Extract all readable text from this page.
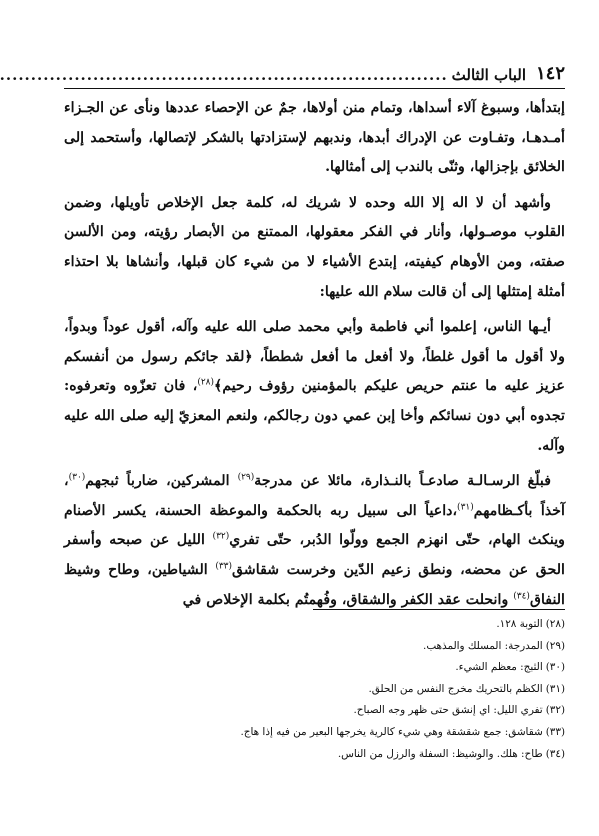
١٤٢
الباب الثالث
........................................................................

إبتدأها، وسبوغ آلاء أسداها، وتمام منن أولاها، جمٌ عن الإحصاء عددها ونأى عن الجـزاء أمـدهـا، وتفـاوت عن الإدراك أبدها، وندبهم لإستزادتها بالشكر لإتصالها، وأستحمد إلى الخلائق بإجزالها، وثنّى بالندب إلى أمثالها.

وأشهد أن لا اله إلا الله وحده لا شريك له، كلمة جعل الإخلاص تأويلها، وضمن القلوب موصـولها، وأنار في الفكر معقولها، الممتنع من الأبصار رؤيته، ومن الألسن صفته، ومن الأوهام كيفيته، إبتدع الأشياء لا من شيء كان قبلها، وأنشاها بلا احتذاء أمثلة إمتثلها إلى أن قالت سلام الله عليها:

أيـها الناس، إعلموا أني فاطمة وأبي محمد صلى الله عليه وآله، أقول عوداً وبدواً، ولا أقول ما أقول غلطاً، ولا أفعل ما أفعل شططاً، ﴿لقد جائكم رسول من أنفسكم عزيز عليه ما عنتم حريص عليكم بالمؤمنين رؤوف رحيم﴾$^{(٢٨)}$، فان تعزّوه وتعرفوه: تجدوه أبي دون نسائكم وأخا إبن عمي دون رجالكم، ولنعم المعزيّ إليه صلى الله عليه وآله.

فبلّغ الرسـالـة صادعـاً بالنـذارة، مائلا عن مدرجة$^{(٢٩)}$ المشركين، ضارباً ثبجهم$^{(٣٠)}$، آخذاً بأكـظامهم$^{(٣١)}$،داعياً الى سبيل ربه بالحكمة والموعظة الحسنة، يكسر الأصنام وينكث الهام، حتّى انهزم الجمع وولّوا الدُبر، حتّى تفري$^{(٣٢)}$ الليل عن صبحه وأسفر الحق عن محضه، ونطق زعيم الدّين وخرست شقاشق$^{(٣٣)}$ الشياطين، وطاح وشيظ النفاق$^{(٣٤)}$ وانحلت عقد الكفر والشقاق، وفُهمتُم بكلمة الإخلاص في

(٢٨)التوبة ١٢٨.
(٢٩)المدرجة: المسلك والمذهب.
(٣٠)الثبج: معظم الشيء.
(٣١)الكظم بالتحريك مخرج النفس من الحلق.
(٣٢)تفري الليل: اي إنشق حتى ظهر وجه الصباح.
(٣٣)شقاشق: جمع شقشقة وهي شيء كالرية يخرجها البعير من فيه إذا هاج.
(٣٤)طاح: هلك. والوشيظ: السفلة والرزل من الناس.
